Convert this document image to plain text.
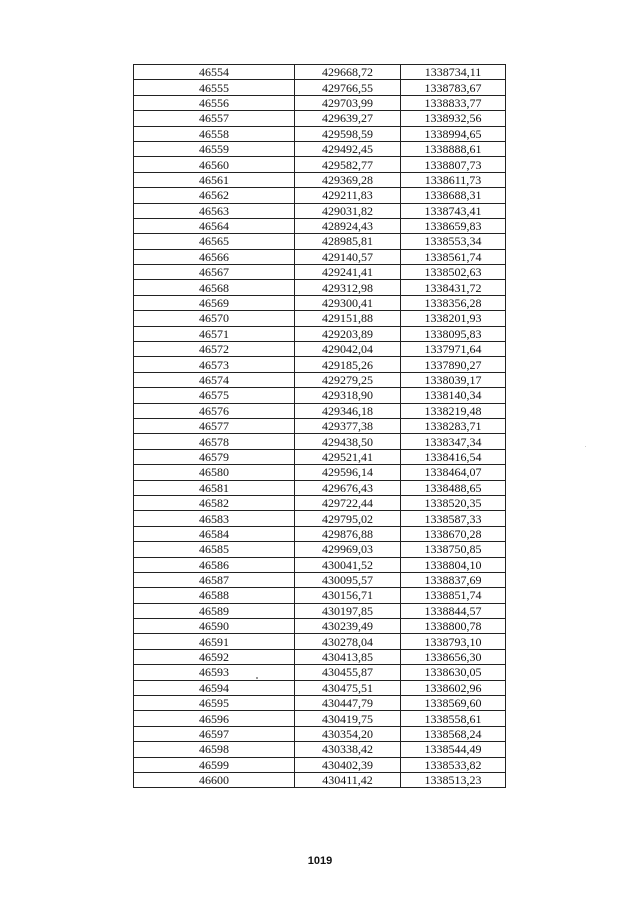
46554	429668,72	1338734,11
46555	429766,55	1338783,67
46556	429703,99	1338833,77
46557	429639,27	1338932,56
46558	429598,59	1338994,65
46559	429492,45	1338888,61
46560	429582,77	1338807,73
46561	429369,28	1338611,73
46562	429211,83	1338688,31
46563	429031,82	1338743,41
46564	428924,43	1338659,83
46565	428985,81	1338553,34
46566	429140,57	1338561,74
46567	429241,41	1338502,63
46568	429312,98	1338431,72
46569	429300,41	1338356,28
46570	429151,88	1338201,93
46571	429203,89	1338095,83
46572	429042,04	1337971,64
46573	429185,26	1337890,27
46574	429279,25	1338039,17
46575	429318,90	1338140,34
46576	429346,18	1338219,48
46577	429377,38	1338283,71
46578	429438,50	1338347,34
46579	429521,41	1338416,54
46580	429596,14	1338464,07
46581	429676,43	1338488,65
46582	429722,44	1338520,35
46583	429795,02	1338587,33
46584	429876,88	1338670,28
46585	429969,03	1338750,85
46586	430041,52	1338804,10
46587	430095,57	1338837,69
46588	430156,71	1338851,74
46589	430197,85	1338844,57
46590	430239,49	1338800,78
46591	430278,04	1338793,10
46592	430413,85	1338656,30
46593	430455,87	1338630,05
46594	430475,51	1338602,96
46595	430447,79	1338569,60
46596	430419,75	1338558,61
46597	430354,20	1338568,24
46598	430338,42	1338544,49
46599	430402,39	1338533,82
46600	430411,42	1338513,23
1019
